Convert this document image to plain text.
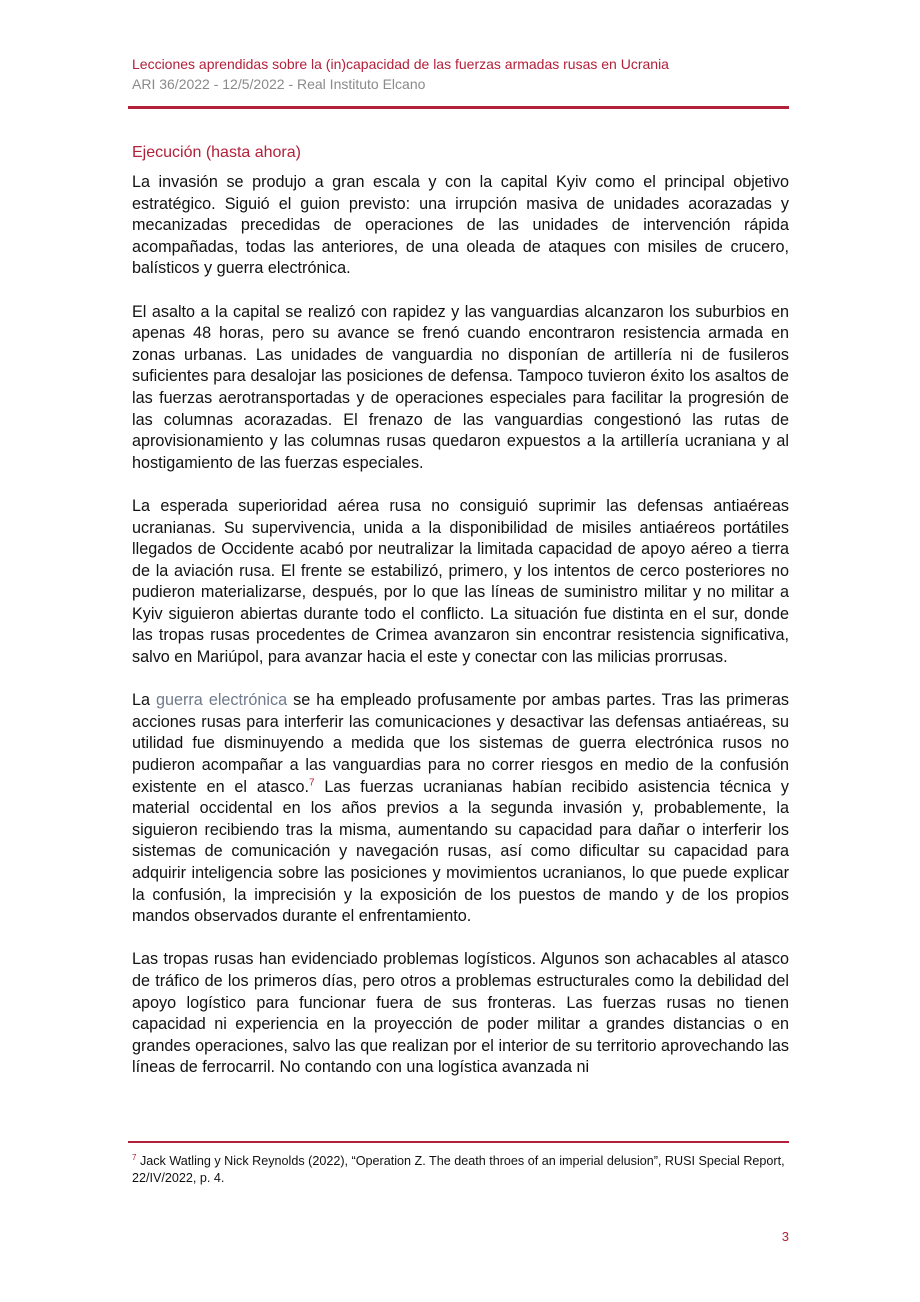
Lecciones aprendidas sobre la (in)capacidad de las fuerzas armadas rusas en Ucrania
ARI 36/2022 - 12/5/2022 - Real Instituto Elcano
Ejecución (hasta ahora)

La invasión se produjo a gran escala y con la capital Kyiv como el principal objetivo estratégico. Siguió el guion previsto: una irrupción masiva de unidades acorazadas y mecanizadas precedidas de operaciones de las unidades de intervención rápida acompañadas, todas las anteriores, de una oleada de ataques con misiles de crucero, balísticos y guerra electrónica.

El asalto a la capital se realizó con rapidez y las vanguardias alcanzaron los suburbios en apenas 48 horas, pero su avance se frenó cuando encontraron resistencia armada en zonas urbanas. Las unidades de vanguardia no disponían de artillería ni de fusileros suficientes para desalojar las posiciones de defensa. Tampoco tuvieron éxito los asaltos de las fuerzas aerotransportadas y de operaciones especiales para facilitar la progresión de las columnas acorazadas. El frenazo de las vanguardias congestionó las rutas de aprovisionamiento y las columnas rusas quedaron expuestos a la artillería ucraniana y al hostigamiento de las fuerzas especiales.

La esperada superioridad aérea rusa no consiguió suprimir las defensas antiaéreas ucranianas. Su supervivencia, unida a la disponibilidad de misiles antiaéreos portátiles llegados de Occidente acabó por neutralizar la limitada capacidad de apoyo aéreo a tierra de la aviación rusa. El frente se estabilizó, primero, y los intentos de cerco posteriores no pudieron materializarse, después, por lo que las líneas de suministro militar y no militar a Kyiv siguieron abiertas durante todo el conflicto. La situación fue distinta en el sur, donde las tropas rusas procedentes de Crimea avanzaron sin encontrar resistencia significativa, salvo en Mariúpol, para avanzar hacia el este y conectar con las milicias prorrusas.

La guerra electrónica se ha empleado profusamente por ambas partes. Tras las primeras acciones rusas para interferir las comunicaciones y desactivar las defensas antiaéreas, su utilidad fue disminuyendo a medida que los sistemas de guerra electrónica rusos no pudieron acompañar a las vanguardias para no correr riesgos en medio de la confusión existente en el atasco.$^7$ Las fuerzas ucranianas habían recibido asistencia técnica y material occidental en los años previos a la segunda invasión y, probablemente, la siguieron recibiendo tras la misma, aumentando su capacidad para dañar o interferir los sistemas de comunicación y navegación rusas, así como dificultar su capacidad para adquirir inteligencia sobre las posiciones y movimientos ucranianos, lo que puede explicar la confusión, la imprecisión y la exposición de los puestos de mando y de los propios mandos observados durante el enfrentamiento.

Las tropas rusas han evidenciado problemas logísticos. Algunos son achacables al atasco de tráfico de los primeros días, pero otros a problemas estructurales como la debilidad del apoyo logístico para funcionar fuera de sus fronteras. Las fuerzas rusas no tienen capacidad ni experiencia en la proyección de poder militar a grandes distancias o en grandes operaciones, salvo las que realizan por el interior de su territorio aprovechando las líneas de ferrocarril. No contando con una logística avanzada ni

$^7$ Jack Watling y Nick Reynolds (2022), “Operation Z. The death throes of an imperial delusion”, RUSI Special Report, 22/IV/2022, p. 4.
3
